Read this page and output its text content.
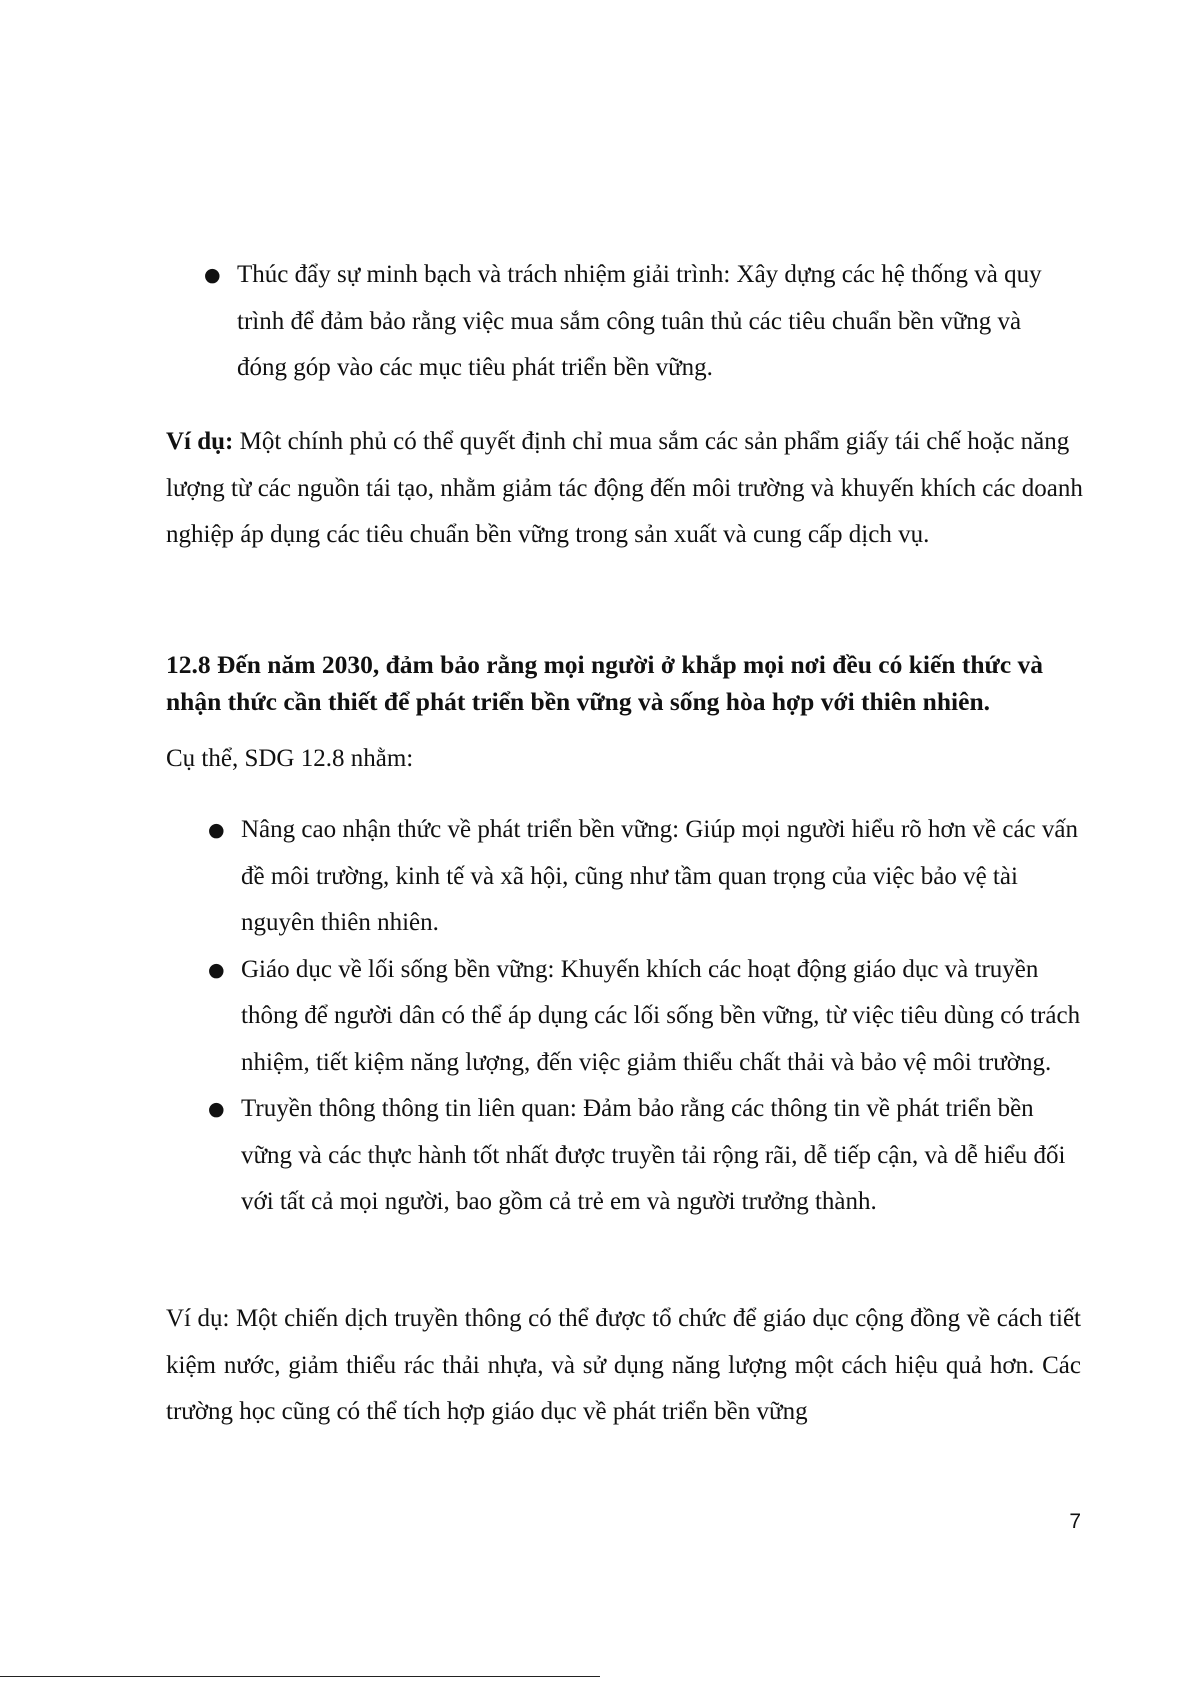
● Thúc đẩy sự minh bạch và trách nhiệm giải trình: Xây dựng các hệ thống và quy trình để đảm bảo rằng việc mua sắm công tuân thủ các tiêu chuẩn bền vững và đóng góp vào các mục tiêu phát triển bền vững.

Ví dụ: Một chính phủ có thể quyết định chỉ mua sắm các sản phẩm giấy tái chế hoặc năng lượng từ các nguồn tái tạo, nhằm giảm tác động đến môi trường và khuyến khích các doanh nghiệp áp dụng các tiêu chuẩn bền vững trong sản xuất và cung cấp dịch vụ.

12.8 Đến năm 2030, đảm bảo rằng mọi người ở khắp mọi nơi đều có kiến thức và nhận thức cần thiết để phát triển bền vững và sống hòa hợp với thiên nhiên.

Cụ thể, SDG 12.8 nhằm:

● Nâng cao nhận thức về phát triển bền vững: Giúp mọi người hiểu rõ hơn về các vấn đề môi trường, kinh tế và xã hội, cũng như tầm quan trọng của việc bảo vệ tài nguyên thiên nhiên.
● Giáo dục về lối sống bền vững: Khuyến khích các hoạt động giáo dục và truyền thông để người dân có thể áp dụng các lối sống bền vững, từ việc tiêu dùng có trách nhiệm, tiết kiệm năng lượng, đến việc giảm thiểu chất thải và bảo vệ môi trường.
● Truyền thông thông tin liên quan: Đảm bảo rằng các thông tin về phát triển bền vững và các thực hành tốt nhất được truyền tải rộng rãi, dễ tiếp cận, và dễ hiểu đối với tất cả mọi người, bao gồm cả trẻ em và người trưởng thành.

Ví dụ: Một chiến dịch truyền thông có thể được tổ chức để giáo dục cộng đồng về cách tiết kiệm nước, giảm thiểu rác thải nhựa, và sử dụng năng lượng một cách hiệu quả hơn. Các trường học cũng có thể tích hợp giáo dục về phát triển bền vững

7
